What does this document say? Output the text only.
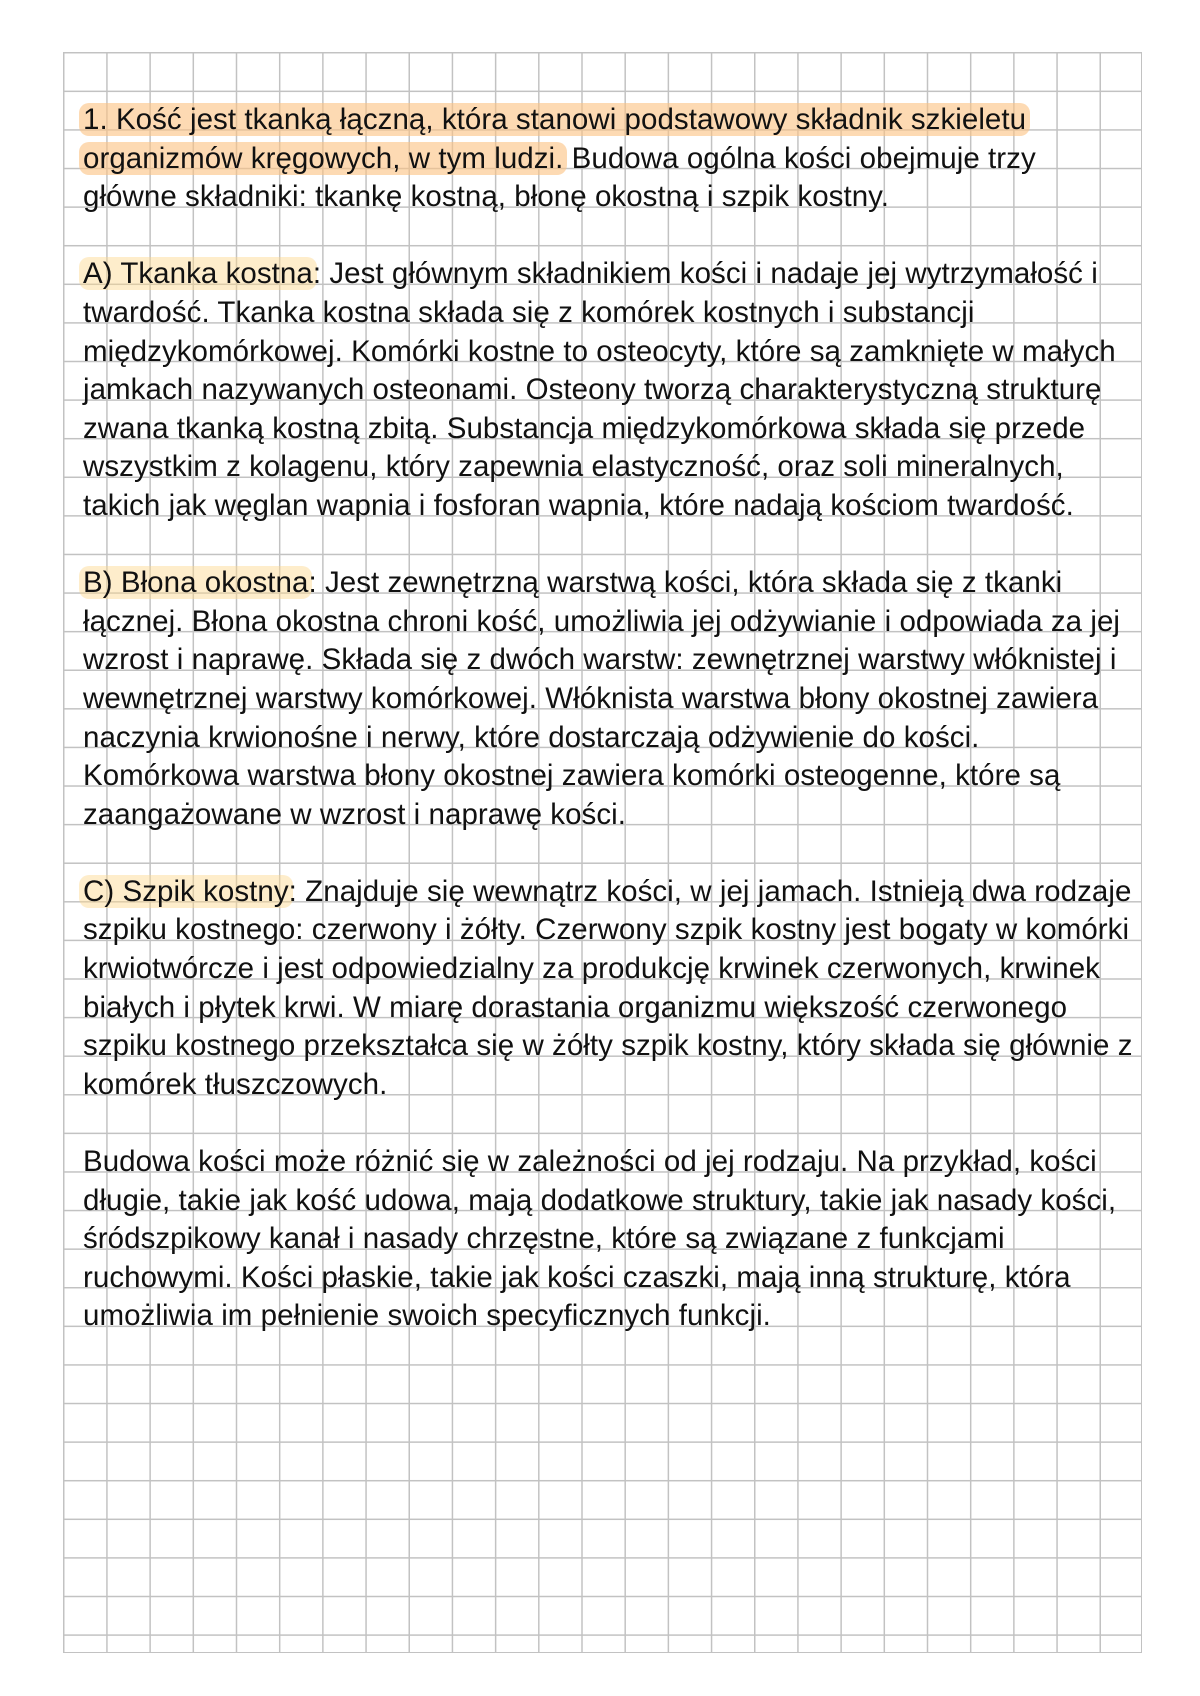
1. Kość jest tkanką łączną, która stanowi podstawowy składnik szkieletu organizmów kręgowych, w tym ludzi. Budowa ogólna kości obejmuje trzy główne składniki: tkankę kostną, błonę okostną i szpik kostny.

A) Tkanka kostna: Jest głównym składnikiem kości i nadaje jej wytrzymałość i twardość. Tkanka kostna składa się z komórek kostnych i substancji międzykomórkowej. Komórki kostne to osteocyty, które są zamknięte w małych jamkach nazywanych osteonami. Osteony tworzą charakterystyczną strukturę zwana tkanką kostną zbitą. Substancja międzykomórkowa składa się przede wszystkim z kolagenu, który zapewnia elastyczność, oraz soli mineralnych, takich jak węglan wapnia i fosforan wapnia, które nadają kościom twardość.

B) Błona okostna: Jest zewnętrzną warstwą kości, która składa się z tkanki łącznej. Błona okostna chroni kość, umożliwia jej odżywianie i odpowiada za jej wzrost i naprawę. Składa się z dwóch warstw: zewnętrznej warstwy włóknistej i wewnętrznej warstwy komórkowej. Włóknista warstwa błony okostnej zawiera naczynia krwionośne i nerwy, które dostarczają odżywienie do kości. Komórkowa warstwa błony okostnej zawiera komórki osteogenne, które są zaangażowane w wzrost i naprawę kości.

C) Szpik kostny: Znajduje się wewnątrz kości, w jej jamach. Istnieją dwa rodzaje szpiku kostnego: czerwony i żółty. Czerwony szpik kostny jest bogaty w komórki krwiotwórcze i jest odpowiedzialny za produkcję krwinek czerwonych, krwinek białych i płytek krwi. W miarę dorastania organizmu większość czerwonego szpiku kostnego przekształca się w żółty szpik kostny, który składa się głównie z komórek tłuszczowych.

Budowa kości może różnić się w zależności od jej rodzaju. Na przykład, kości długie, takie jak kość udowa, mają dodatkowe struktury, takie jak nasady kości, śródszpikowy kanał i nasady chrzęstne, które są związane z funkcjami ruchowymi. Kości płaskie, takie jak kości czaszki, mają inną strukturę, która umożliwia im pełnienie swoich specyficznych funkcji.
